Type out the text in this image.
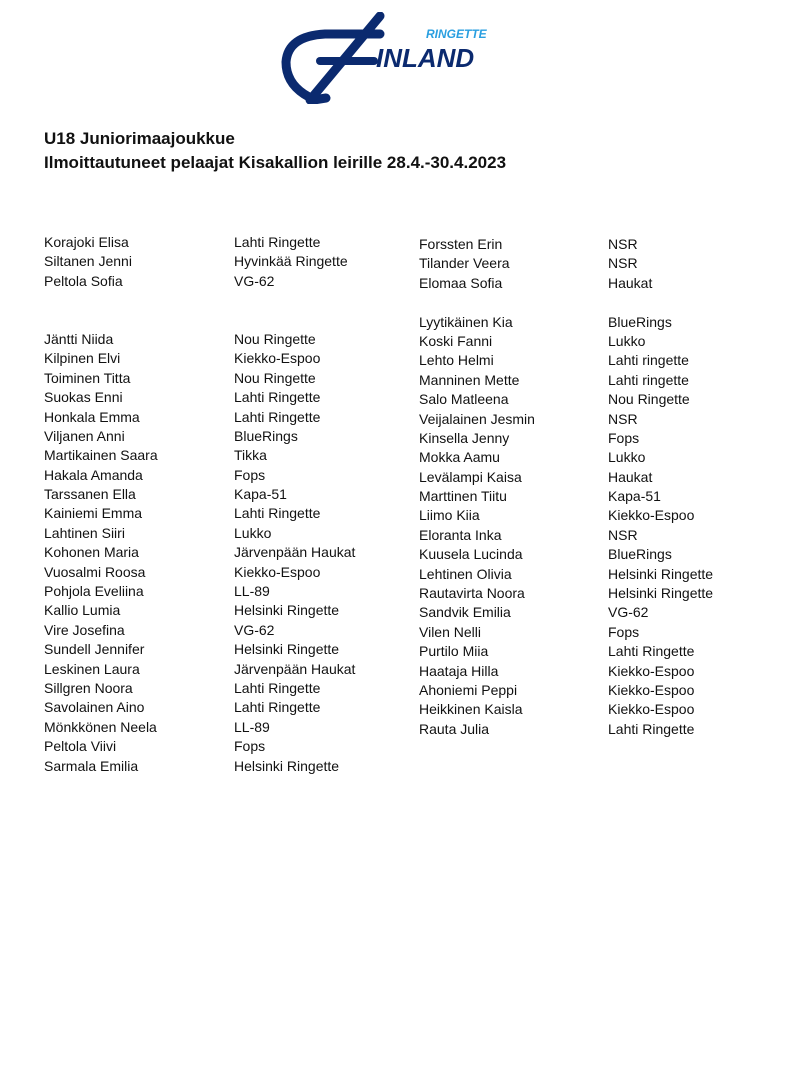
RINGETTE
INLAND
U18 Juniorimaajoukkue
Ilmoittautuneet pelaajat Kisakallion leirille 28.4.-30.4.2023
Korajoki Elisa
Siltanen Jenni
Peltola Sofia
Jäntti Niida
Kilpinen Elvi
Toiminen Titta
Suokas Enni
Honkala Emma
Viljanen Anni
Martikainen Saara
Hakala Amanda
Tarssanen Ella
Kainiemi Emma
Lahtinen Siiri
Kohonen Maria
Vuosalmi Roosa
Pohjola Eveliina
Kallio Lumia
Vire Josefina
Sundell Jennifer
Leskinen Laura
Sillgren Noora
Savolainen Aino
Mönkkönen Neela
Peltola Viivi
Sarmala Emilia
Lahti Ringette
Hyvinkää Ringette
VG-62
Nou Ringette
Kiekko-Espoo
Nou Ringette
Lahti Ringette
Lahti Ringette
BlueRings
Tikka
Fops
Kapa-51
Lahti Ringette
Lukko
Järvenpään Haukat
Kiekko-Espoo
LL-89
Helsinki Ringette
VG-62
Helsinki Ringette
Järvenpään Haukat
Lahti Ringette
Lahti Ringette
LL-89
Fops
Helsinki Ringette
Forssten Erin
Tilander Veera
Elomaa Sofia
Lyytikäinen Kia
Koski Fanni
Lehto Helmi
Manninen Mette
Salo Matleena
Veijalainen Jesmin
Kinsella Jenny
Mokka Aamu
Levälampi Kaisa
Marttinen Tiitu
Liimo Kiia
Eloranta Inka
Kuusela Lucinda
Lehtinen Olivia
Rautavirta Noora
Sandvik Emilia
Vilen Nelli
Purtilo Miia
Haataja Hilla
Ahoniemi Peppi
Heikkinen Kaisla
Rauta Julia
NSR
NSR
Haukat
BlueRings
Lukko
Lahti ringette
Lahti ringette
Nou Ringette
NSR
Fops
Lukko
Haukat
Kapa-51
Kiekko-Espoo
NSR
BlueRings
Helsinki Ringette
Helsinki Ringette
VG-62
Fops
Lahti Ringette
Kiekko-Espoo
Kiekko-Espoo
Kiekko-Espoo
Lahti Ringette
